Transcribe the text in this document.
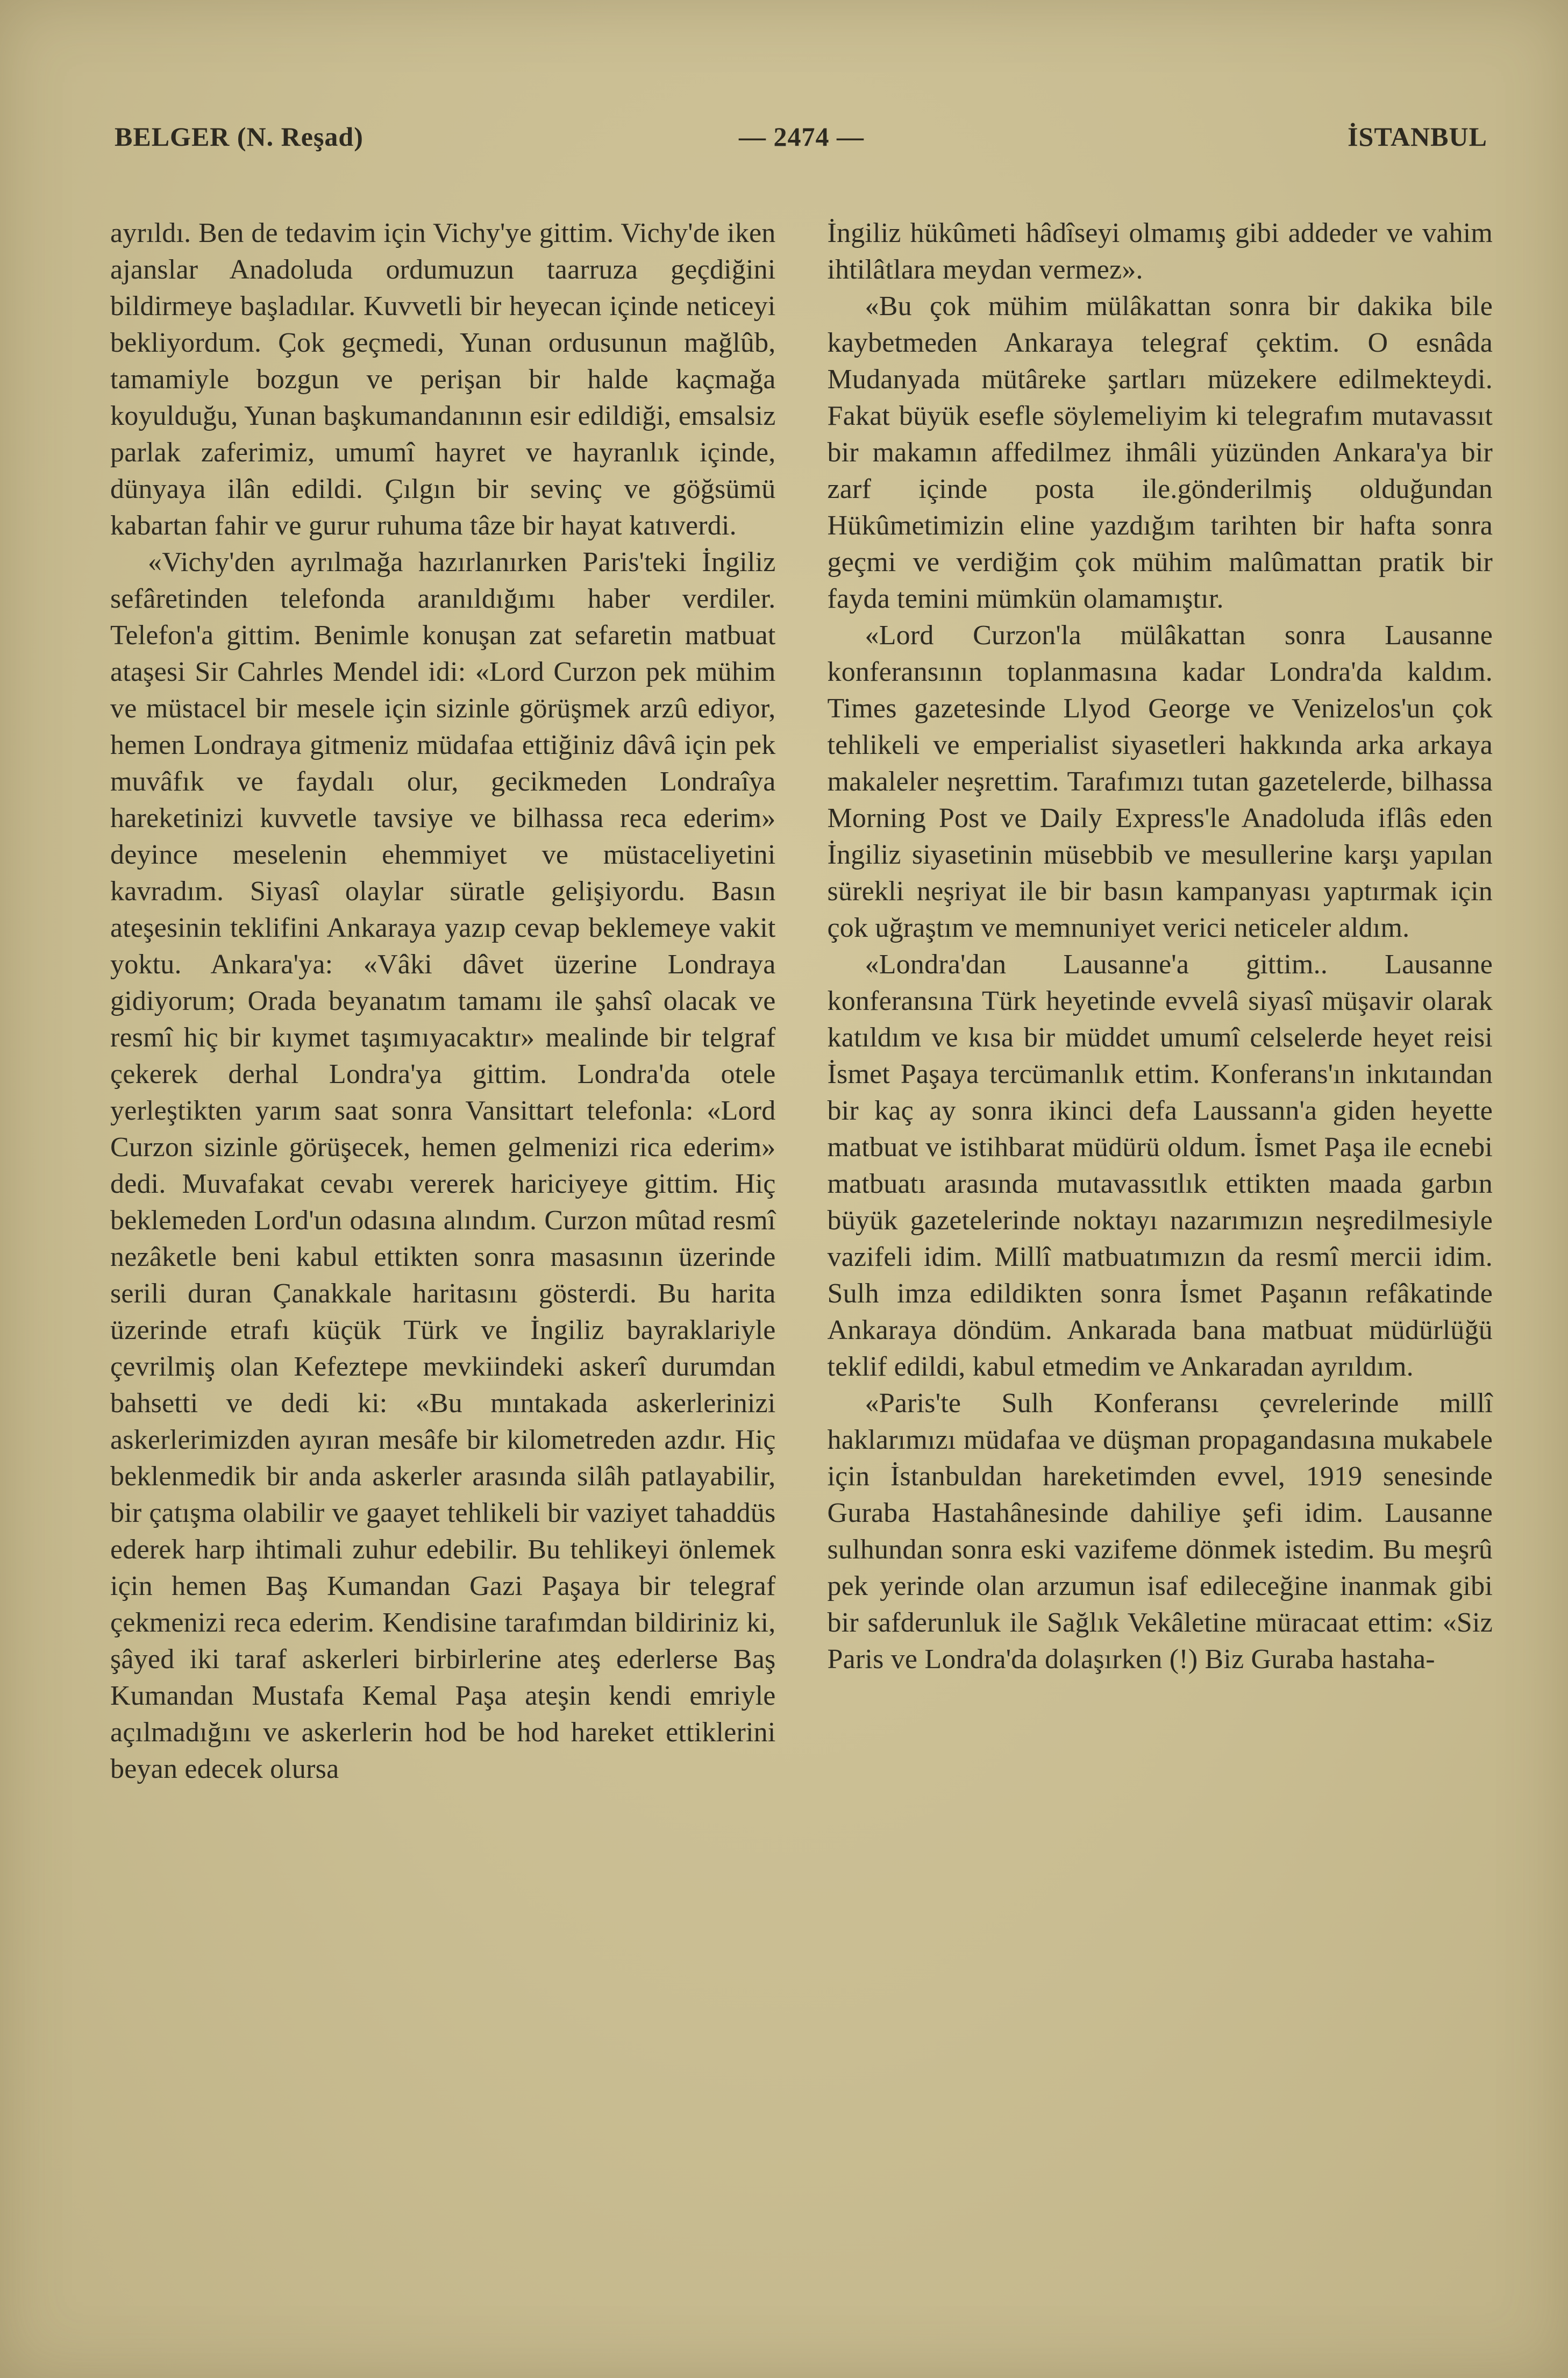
BELGER (N. Reşad)	— 2474 —	İSTANBUL

ayrıldı. Ben de tedavim için Vichy'ye gittim. Vichy'de iken ajanslar Anadoluda ordumuzun taarruza geçdiğini bildirmeye başladılar. Kuvvetli bir heyecan içinde neticeyi bekliyordum. Çok geçmedi, Yunan ordusunun mağlûb, tamamiyle bozgun ve perişan bir halde kaçmağa koyulduğu, Yunan başkumandanının esir edildiği, emsalsiz parlak zaferimiz, umumî hayret ve hayranlık içinde, dünyaya ilân edildi. Çılgın bir sevinç ve göğsümü kabartan fahir ve gurur ruhuma tâze bir hayat katıverdi.

«Vichy'den ayrılmağa hazırlanırken Paris'teki İngiliz sefâretinden telefonda aranıldığımı haber verdiler. Telefon'a gittim. Benimle konuşan zat sefaretin matbuat ataşesi Sir Cahrles Mendel idi: «Lord Curzon pek mühim ve müstacel bir mesele için sizinle görüşmek arzû ediyor, hemen Londraya gitmeniz müdafaa ettiğiniz dâvâ için pek muvâfık ve faydalı olur, gecikmeden Londraîya hareketinizi kuvvetle tavsiye ve bilhassa reca ederim» deyince meselenin ehemmiyet ve müstaceliyetini kavradım. Siyasî olaylar süratle gelişiyordu. Basın ateşesinin teklifini Ankaraya yazıp cevap beklemeye vakit yoktu. Ankara'ya: «Vâki dâvet üzerine Londraya gidiyorum; Orada beyanatım tamamı ile şahsî olacak ve resmî hiç bir kıymet taşımıyacaktır» mealinde bir telgraf çekerek derhal Londra'ya gittim. Londra'da otele yerleştikten yarım saat sonra Vansittart telefonla: «Lord Curzon sizinle görüşecek, hemen gelmenizi rica ederim» dedi. Muvafakat cevabı vererek hariciyeye gittim. Hiç beklemeden Lord'un odasına alındım. Curzon mûtad resmî nezâketle beni kabul ettikten sonra masasının üzerinde serili duran Çanakkale haritasını gösterdi. Bu harita üzerinde etrafı küçük Türk ve İngiliz bayraklariyle çevrilmiş olan Kefeztepe mevkiindeki askerî durumdan bahsetti ve dedi ki: «Bu mıntakada askerlerinizi askerlerimizden ayıran mesâfe bir kilometreden azdır. Hiç beklenmedik bir anda askerler arasında silâh patlayabilir, bir çatışma olabilir ve gaayet tehlikeli bir vaziyet tahaddüs ederek harp ihtimali zuhur edebilir. Bu tehlikeyi önlemek için hemen Baş Kumandan Gazi Paşaya bir telegraf çekmenizi reca ederim. Kendisine tarafımdan bildiriniz ki, şâyed iki taraf askerleri birbirlerine ateş ederlerse Baş Kumandan Mustafa Kemal Paşa ateşin kendi emriyle açılmadığını ve askerlerin hod be hod hareket ettiklerini beyan edecek olursa

İngiliz hükûmeti hâdîseyi olmamış gibi addeder ve vahim ihtilâtlara meydan vermez».

«Bu çok mühim mülâkattan sonra bir dakika bile kaybetmeden Ankaraya telegraf çektim. O esnâda Mudanyada mütâreke şartları müzekere edilmekteydi. Fakat büyük esefle söylemeliyim ki telegrafım mutavassıt bir makamın affedilmez ihmâli yüzünden Ankara'ya bir zarf içinde posta ile.gönderilmiş olduğundan Hükûmetimizin eline yazdığım tarihten bir hafta sonra geçmi ve verdiğim çok mühim malûmattan pratik bir fayda temini mümkün olamamıştır.

«Lord Curzon'la mülâkattan sonra Lausanne konferansının toplanmasına kadar Londra'da kaldım. Times gazetesinde Llyod George ve Venizelos'un çok tehlikeli ve emperialist siyasetleri hakkında arka arkaya makaleler neşrettim. Tarafımızı tutan gazetelerde, bilhassa Morning Post ve Daily Express'le Anadoluda iflâs eden İngiliz siyasetinin müsebbib ve mesullerine karşı yapılan sürekli neşriyat ile bir basın kampanyası yaptırmak için çok uğraştım ve memnuniyet verici neticeler aldım.

«Londra'dan Lausanne'a gittim.. Lausanne konferansına Türk heyetinde evvelâ siyasî müşavir olarak katıldım ve kısa bir müddet umumî celselerde heyet reisi İsmet Paşaya tercümanlık ettim. Konferans'ın inkıtaından bir kaç ay sonra ikinci defa Laussann'a giden heyette matbuat ve istihbarat müdürü oldum. İsmet Paşa ile ecnebi matbuatı arasında mutavassıtlık ettikten maada garbın büyük gazetelerinde noktayı nazarımızın neşredilmesiyle vazifeli idim. Millî matbuatımızın da resmî mercii idim. Sulh imza edildikten sonra İsmet Paşanın refâkatinde Ankaraya döndüm. Ankarada bana matbuat müdürlüğü teklif edildi, kabul etmedim ve Ankaradan ayrıldım.

«Paris'te Sulh Konferansı çevrelerinde millî haklarımızı müdafaa ve düşman propagandasına mukabele için İstanbuldan hareketimden evvel, 1919 senesinde Guraba Hastahânesinde dahiliye şefi idim. Lausanne sulhundan sonra eski vazifeme dönmek istedim. Bu meşrû pek yerinde olan arzumun isaf edileceğine inanmak gibi bir safderunluk ile Sağlık Vekâletine müracaat ettim: «Siz Paris ve Londra'da dolaşırken (!) Biz Guraba hastaha-
